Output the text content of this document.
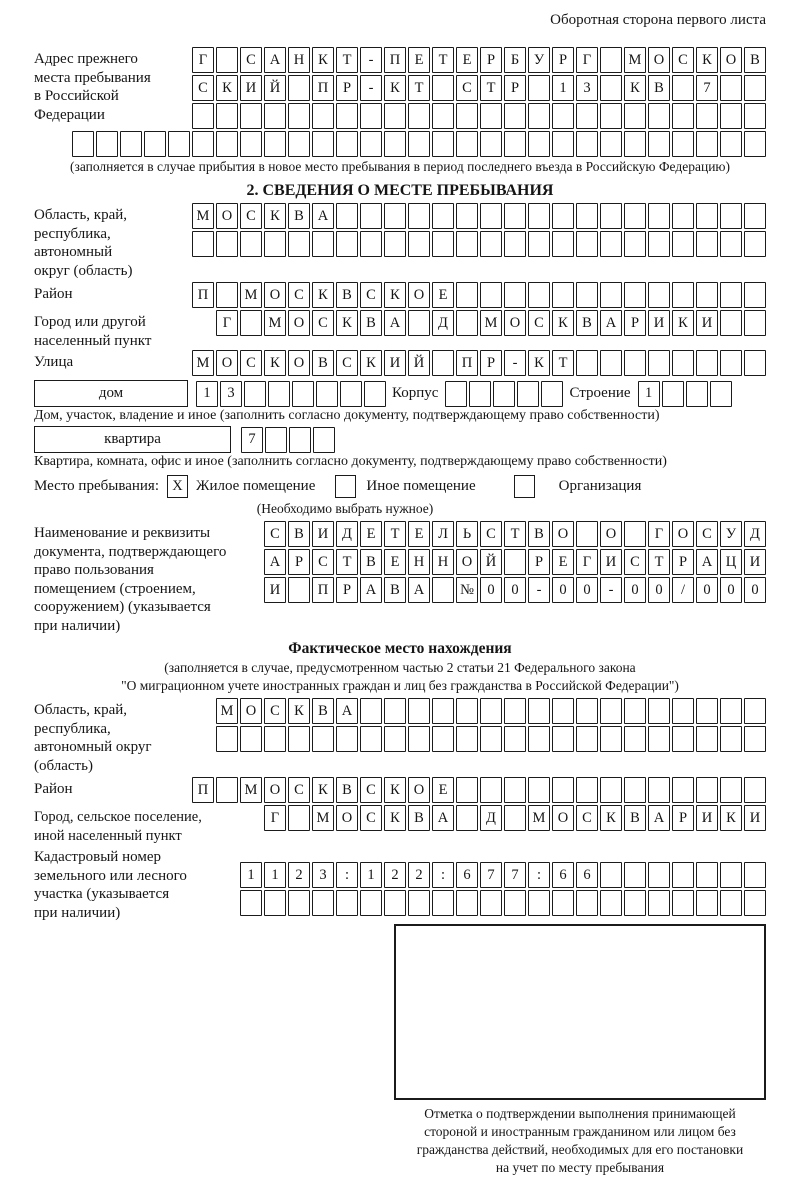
Оборотная сторона первого листа
Адрес прежнего
места пребывания
в Российской
Федерации
Г	С А Н К	Т	-	П Е	Т	Е	Р	Б	У	Р	Г	М О С К О В
С К И Й	П	Р	-	К	Т	С	Т	Р	1	3	К В	7
(заполняется в случае прибытия в новое место пребывания в период последнего въезда в Российскую Федерацию)
2. СВЕДЕНИЯ О МЕСТЕ ПРЕБЫВАНИЯ
Область, край,
республика,
автономный
округ (область)
М О С К В А
Район	П	М О С К В С К О Е
Город или другой
населенный пункт
Г	М О С К В А	Д	М О С К В А	Р	И К И
Улица	М О С К О В С К И Й	П	Р	-	К	Т
дом	1	3	Корпус	Строение 1
Дом, участок, владение и иное (заполнить согласно документу, подтверждающему право собственности)
квартира	7
Квартира, комната, офис и иное (заполнить согласно документу, подтверждающему право собственности)
Место пребывания: X Жилое помещение	Иное помещение	Организация
(Необходимо выбрать нужное)
Наименование и реквизиты
документа, подтверждающего
право пользования
помещением (строением,
сооружением) (указывается
при наличии)
С В И Д	Е	Т	Е	Л	Ь	С	Т	В О	О	Г	О С У Д
А	Р	С	Т	В	Е Н Н О Й	Р	Е	Г	И С	Т	Р	А Ц И
И	П	Р	А В А	№ 0	0	-	0	0	-	0	0	/	0	0	0
Фактическое место нахождения
(заполняется в случае, предусмотренном частью 2 статьи 21 Федерального закона
"О миграционном учете иностранных граждан и лиц без гражданства в Российской Федерации")
Область, край,
республика,
автономный округ
(область)
М О С К В А
Район	П	М О С К В С К О Е
Город, сельское поселение,
иной населенный пункт
Г	М О С К В А	Д	М О С К В А	Р	И К И
Кадастровый номер
земельного или лесного
участка (указывается
при наличии)
1	1	2	3	:	1	2	2	:	6	7	7	:	6	6
Отметка о подтверждении выполнения принимающей
стороной и иностранным гражданином или лицом без
гражданства действий, необходимых для его постановки
на учет по месту пребывания
